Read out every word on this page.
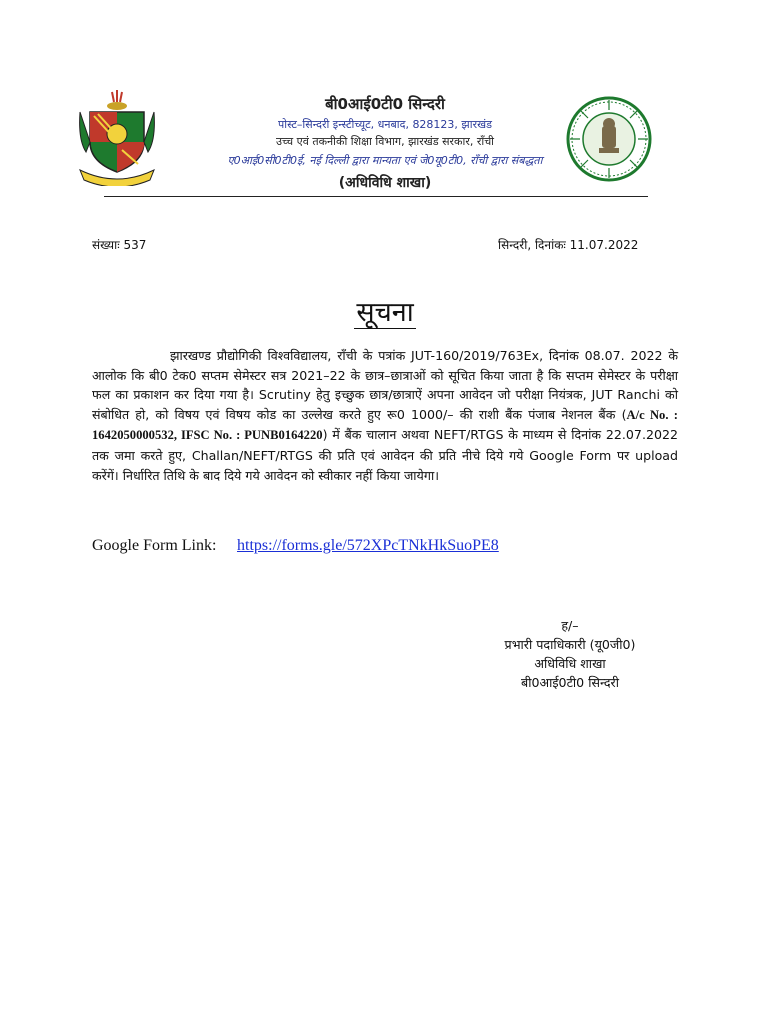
बी0आई0टी0 सिन्दरी
पोस्ट–सिन्दरी इन्स्टीच्यूट, धनबाद, 828123, झारखंड
उच्च एवं तकनीकी शिक्षा विभाग, झारखंड सरकार, राँची
ए0आई0सी0टी0ई, नई दिल्ली द्वारा मान्यता एवं जे0यू0टी0, राँची द्वारा संबद्धता
(अधिविधि शाखा)
संख्याः 537	सिन्दरी, दिनांकः 11.07.2022
सूचना
झारखण्ड प्रौद्योगिकी विश्वविद्यालय, राँची के पत्रांक JUT-160/2019/763Ex, दिनांक 08.07. 2022 के आलोक कि बी0 टेक0 सप्तम सेमेस्टर सत्र 2021–22 के छात्र–छात्राओं को सूचित किया जाता है कि सप्तम सेमेस्टर के परीक्षा फल का प्रकाशन कर दिया गया है। Scrutiny हेतु इच्छुक छात्र/छात्राऐं अपना आवेदन जो परीक्षा नियंत्रक, JUT Ranchi को संबोधित हो, को विषय एवं विषय कोड का उल्लेख करते हुए रू0 1000/– की राशी बैंक पंजाब नेशनल बैंक (A/c No. : 1642050000532, IFSC No. : PUNB0164220) में बैंक चालान अथवा NEFT/RTGS के माध्यम से दिनांक 22.07.2022 तक जमा करते हुए, Challan/NEFT/RTGS की प्रति एवं आवेदन की प्रति नीचे दिये गये Google Form पर upload करेंगें। निर्धारित तिथि के बाद दिये गये आवेदन को स्वीकार नहीं किया जायेगा।
Google Form Link: https://forms.gle/572XPcTNkHkSuoPE8
ह/–
प्रभारी पदाधिकारी (यू0जी0)
अधिविधि शाखा
बी0आई0टी0 सिन्दरी
